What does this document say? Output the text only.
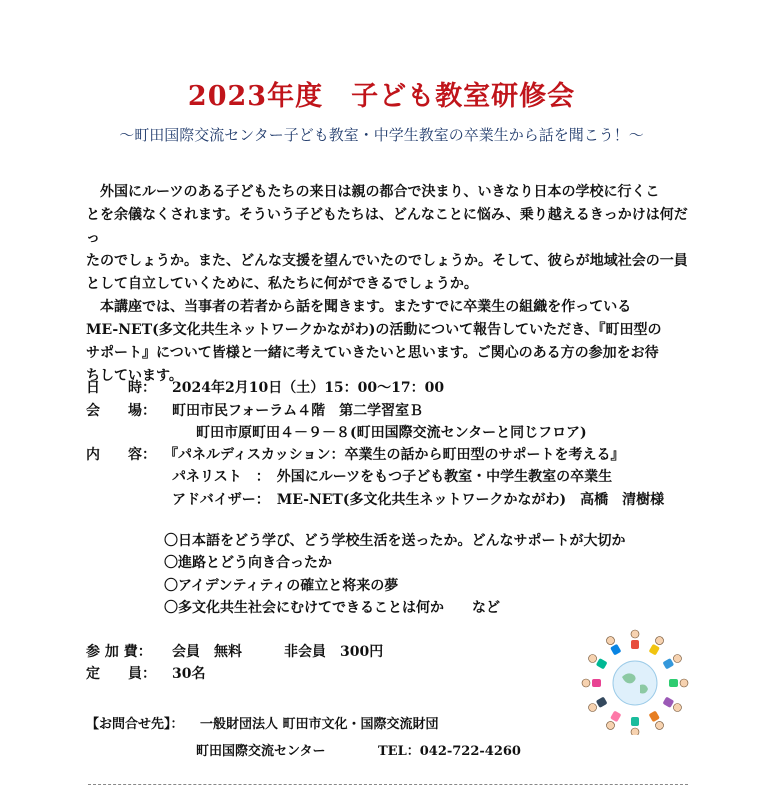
2023年度　子ども教室研修会
～町田国際交流センター子ども教室・中学生教室の卒業生から話を聞こう！～
外国にルーツのある子どもたちの来日は親の都合で決まり、いきなり日本の学校に行くこ
とを余儀なくされます。そういう子どもたちは、どんなことに悩み、乗り越えるきっかけは何だっ
たのでしょうか。また、どんな支援を望んでいたのでしょうか。そして、彼らが地域社会の一員
として自立していくために、私たちに何ができるでしょうか。
本講座では、当事者の若者から話を聞きます。またすでに卒業生の組織を作っている
ME-NET(多文化共生ネットワークかながわ)の活動について報告していただき、『町田型の
サポート』について皆様と一緒に考えていきたいと思います。ご関心のある方の参加をお待
ちしています。
日　　時： 2024年2月10日（土）15：00～17：00
会　　場： 町田市民フォーラム４階　第二学習室Ｂ
町田市原町田４－９－８(町田国際交流センターと同じフロア)
内　　容： 『パネルディスカッション：卒業生の話から町田型のサポートを考える』
パネリスト　：　外国にルーツをもつ子ども教室・中学生教室の卒業生
アドバイザー：　ME-NET(多文化共生ネットワークかながわ)　高橋　清樹様
〇日本語をどう学び、どう学校生活を送ったか。どんなサポートが大切か
〇進路とどう向き合ったか
〇アイデンティティの確立と将来の夢
〇多文化共生社会にむけてできることは何か　　など
参 加 費： 会員　無料　　　非会員　300円
定　　員： 30名
【お問合せ先】： 一般財団法人 町田市文化・国際交流財団
町田国際交流センター	TEL：042-722-4260
